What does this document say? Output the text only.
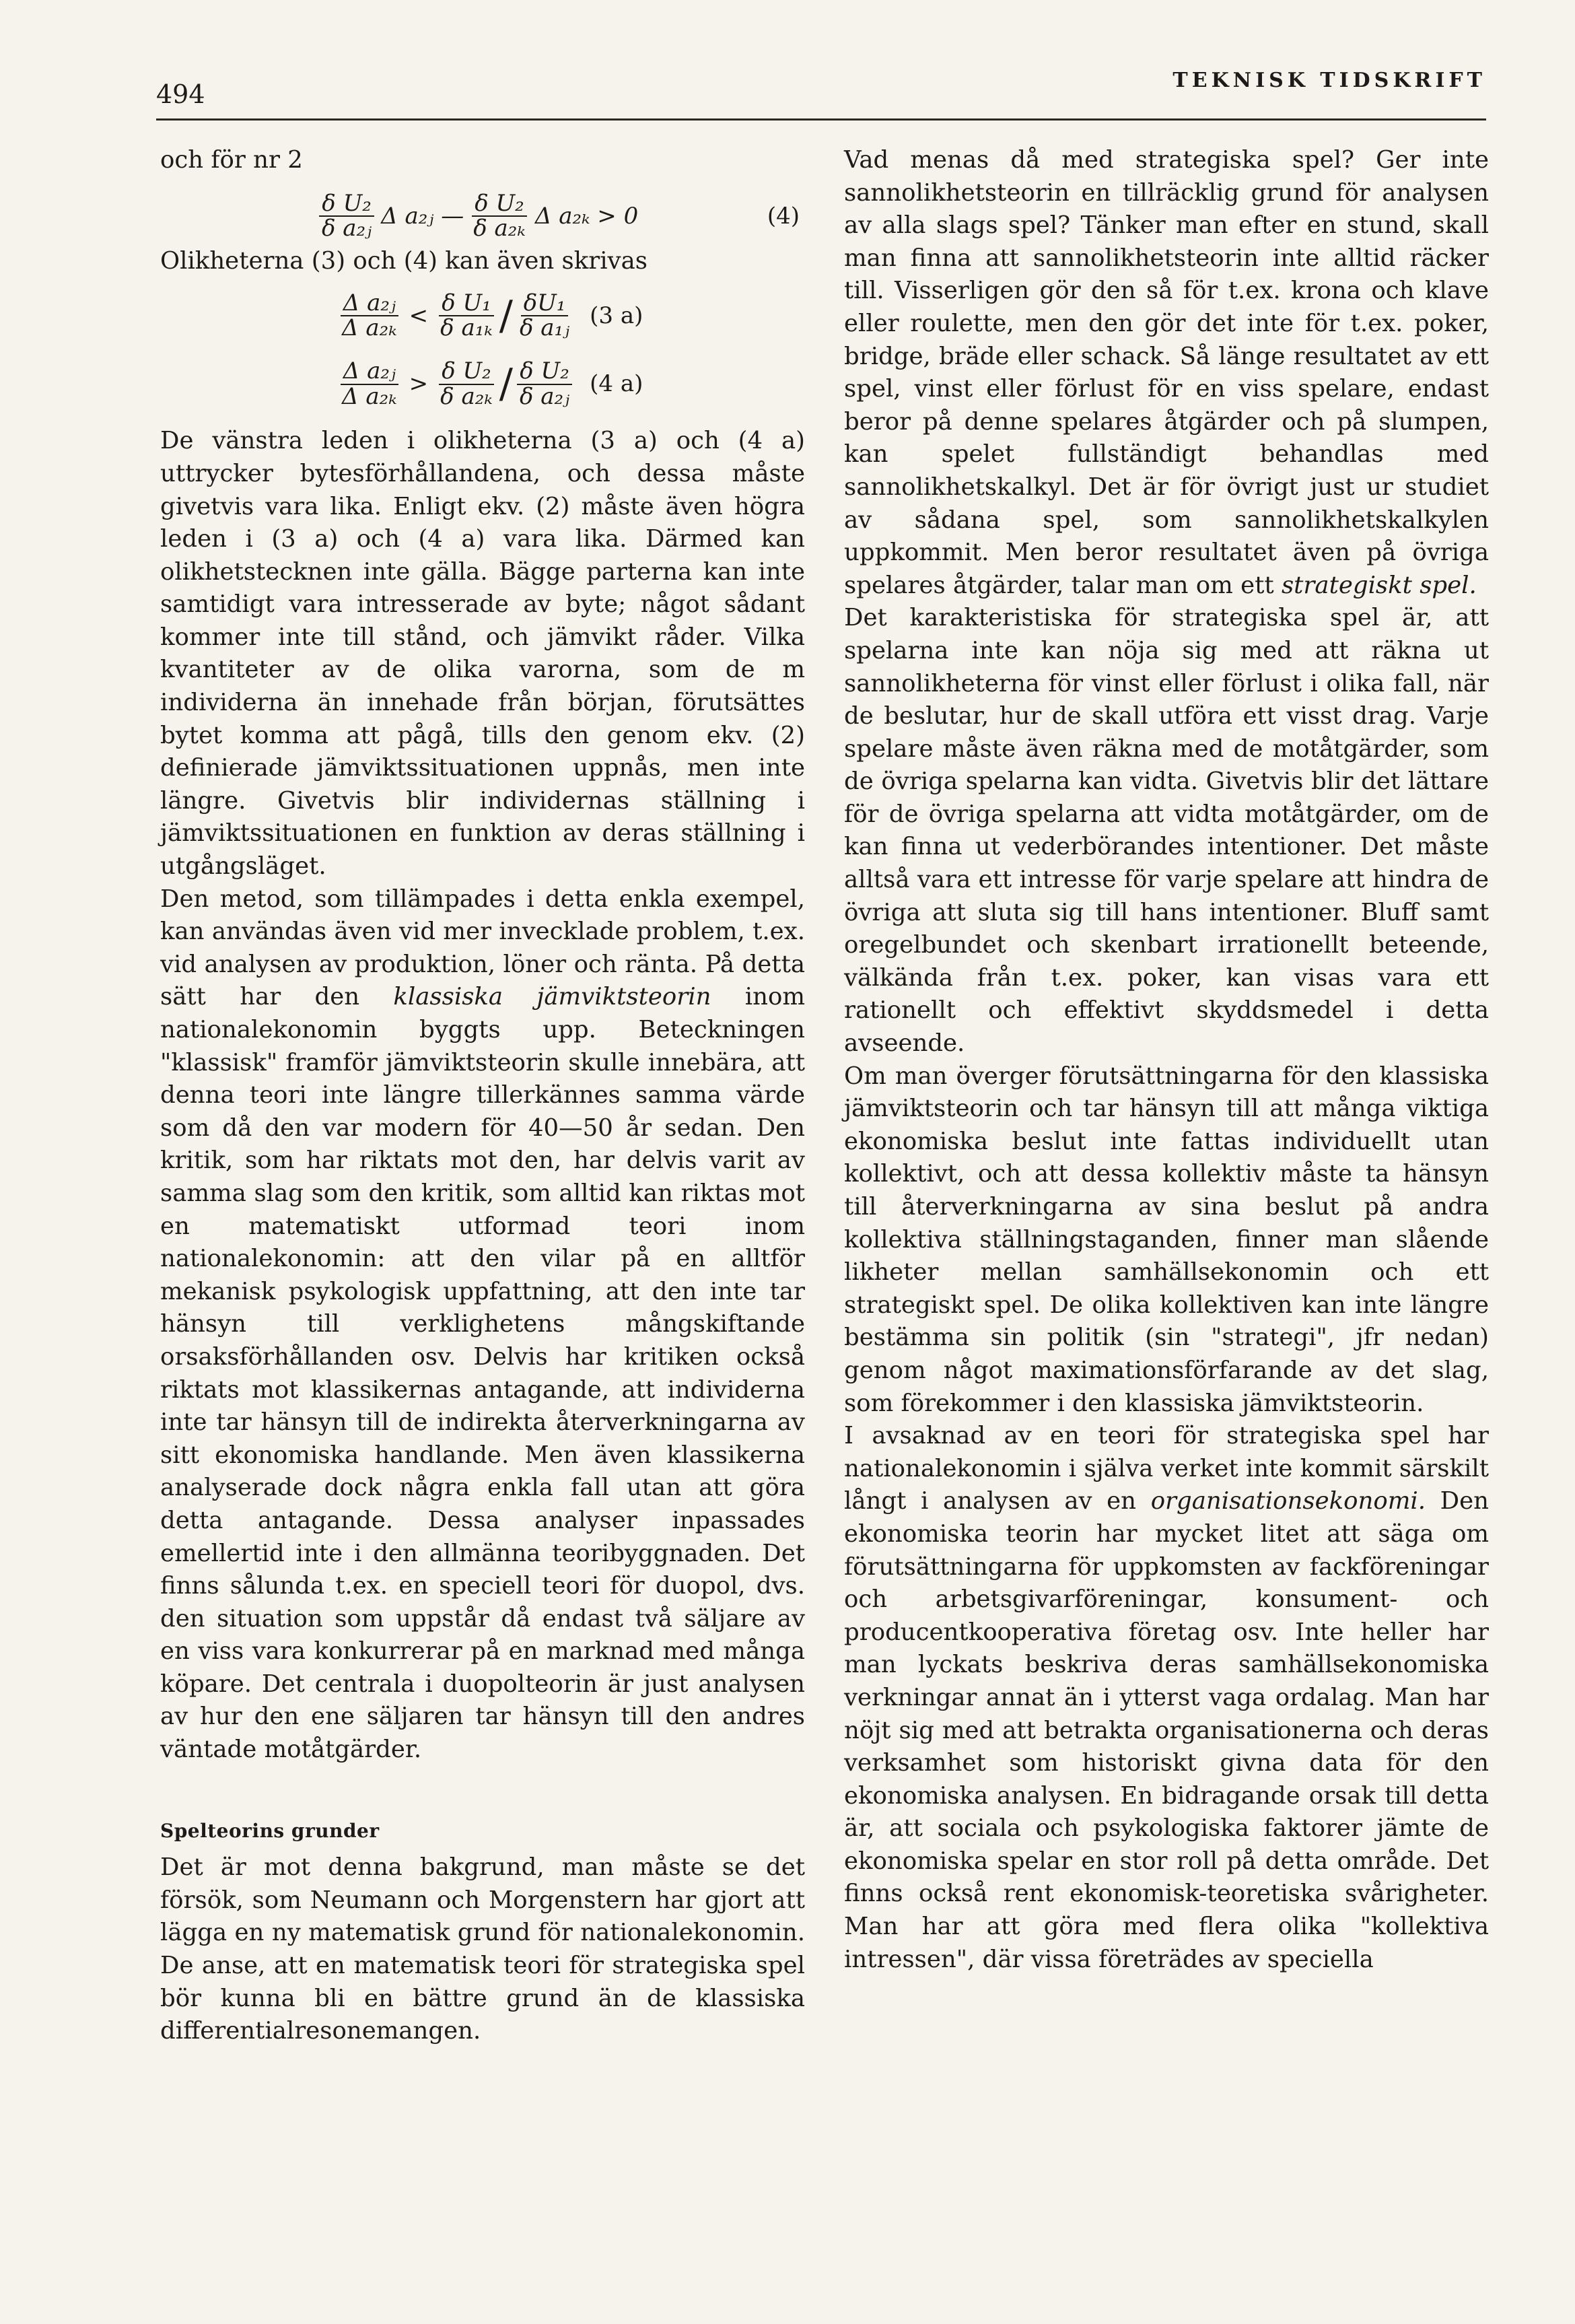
494	TEKNISK TIDSKRIFT

och för nr 2

$\frac{\text{δ U₂}}{\text{δ a₂ⱼ}}$ Δ a₂ⱼ — $\frac{\text{δ U₂}}{\text{δ a₂ₖ}}$ Δ a₂ₖ > 0	(4)

Olikheterna (3) och (4) kan även skrivas

$\frac{\text{Δ a₂ⱼ}}{\text{Δ a₂ₖ}} < \frac{\text{δ U₁}}{\text{δ a₁ₖ}} / \frac{\text{δU₁}}{\text{δ a₁ⱼ}} (3$ a)
$\frac{\text{Δ a₂ⱼ}}{\text{Δ a₂ₖ}} > \frac{\text{δ U₂}}{\text{δ a₂ₖ}} / \frac{\text{δ U₂}}{\text{δ a₂ⱼ}} (4$ a)

De vänstra leden i olikheterna (3 a) och (4 a) uttrycker bytesförhållandena, och dessa måste givetvis vara lika. Enligt ekv. (2) måste även högra leden i (3 a) och (4 a) vara lika. Därmed kan olikhetstecknen inte gälla. Bägge parterna kan inte samtidigt vara intresserade av byte; något sådant kommer inte till stånd, och jämvikt råder. Vilka kvantiteter av de olika varorna, som de m individerna än innehade från början, förutsättes bytet komma att pågå, tills den genom ekv. (2) definierade jämviktssituationen uppnås, men inte längre. Givetvis blir individernas ställning i jämviktssituationen en funktion av deras ställning i utgångsläget.

Den metod, som tillämpades i detta enkla exempel, kan användas även vid mer invecklade problem, t.ex. vid analysen av produktion, löner och ränta. På detta sätt har den klassiska jämviktsteorin inom nationalekonomin byggts upp. Beteckningen "klassisk" framför jämviktsteorin skulle innebära, att denna teori inte längre tillerkännes samma värde som då den var modern för 40—50 år sedan. Den kritik, som har riktats mot den, har delvis varit av samma slag som den kritik, som alltid kan riktas mot en matematiskt utformad teori inom nationalekonomin: att den vilar på en alltför mekanisk psykologisk uppfattning, att den inte tar hänsyn till verklighetens mångskiftande orsaksförhållanden osv. Delvis har kritiken också riktats mot klassikernas antagande, att individerna inte tar hänsyn till de indirekta återverkningarna av sitt ekonomiska handlande. Men även klassikerna analyserade dock några enkla fall utan att göra detta antagande. Dessa analyser inpassades emellertid inte i den allmänna teoribyggnaden. Det finns sålunda t.ex. en speciell teori för duopol, dvs. den situation som uppstår då endast två säljare av en viss vara konkurrerar på en marknad med många köpare. Det centrala i duopolteorin är just analysen av hur den ene säljaren tar hänsyn till den andres väntade motåtgärder.

Spelteorins grunder

Det är mot denna bakgrund, man måste se det försök, som Neumann och Morgenstern har gjort att lägga en ny matematisk grund för nationalekonomin. De anse, att en matematisk teori för strategiska spel bör kunna bli en bättre grund än de klassiska differentialresonemangen.

Vad menas då med strategiska spel? Ger inte sannolikhetsteorin en tillräcklig grund för analysen av alla slags spel? Tänker man efter en stund, skall man finna att sannolikhetsteorin inte alltid räcker till. Visserligen gör den så för t.ex. krona och klave eller roulette, men den gör det inte för t.ex. poker, bridge, bräde eller schack. Så länge resultatet av ett spel, vinst eller förlust för en viss spelare, endast beror på denne spelares åtgärder och på slumpen, kan spelet fullständigt behandlas med sannolikhetskalkyl. Det är för övrigt just ur studiet av sådana spel, som sannolikhetskalkylen uppkommit. Men beror resultatet även på övriga spelares åtgärder, talar man om ett strategiskt spel.

Det karakteristiska för strategiska spel är, att spelarna inte kan nöja sig med att räkna ut sannolikheterna för vinst eller förlust i olika fall, när de beslutar, hur de skall utföra ett visst drag. Varje spelare måste även räkna med de motåtgärder, som de övriga spelarna kan vidta. Givetvis blir det lättare för de övriga spelarna att vidta motåtgärder, om de kan finna ut vederbörandes intentioner. Det måste alltså vara ett intresse för varje spelare att hindra de övriga att sluta sig till hans intentioner. Bluff samt oregelbundet och skenbart irrationellt beteende, välkända från t.ex. poker, kan visas vara ett rationellt och effektivt skyddsmedel i detta avseende.

Om man överger förutsättningarna för den klassiska jämviktsteorin och tar hänsyn till att många viktiga ekonomiska beslut inte fattas individuellt utan kollektivt, och att dessa kollektiv måste ta hänsyn till återverkningarna av sina beslut på andra kollektiva ställningstaganden, finner man slående likheter mellan samhällsekonomin och ett strategiskt spel. De olika kollektiven kan inte längre bestämma sin politik (sin "strategi", jfr nedan) genom något maximationsförfarande av det slag, som förekommer i den klassiska jämviktsteorin.

I avsaknad av en teori för strategiska spel har nationalekonomin i själva verket inte kommit särskilt långt i analysen av en organisationsekonomi. Den ekonomiska teorin har mycket litet att säga om förutsättningarna för uppkomsten av fackföreningar och arbetsgivarföreningar, konsument- och producentkooperativa företag osv. Inte heller har man lyckats beskriva deras samhällsekonomiska verkningar annat än i ytterst vaga ordalag. Man har nöjt sig med att betrakta organisationerna och deras verksamhet som historiskt givna data för den ekonomiska analysen. En bidragande orsak till detta är, att sociala och psykologiska faktorer jämte de ekonomiska spelar en stor roll på detta område. Det finns också rent ekonomisk-teoretiska svårigheter. Man har att göra med flera olika "kollektiva intressen", där vissa företrädes av speciella
